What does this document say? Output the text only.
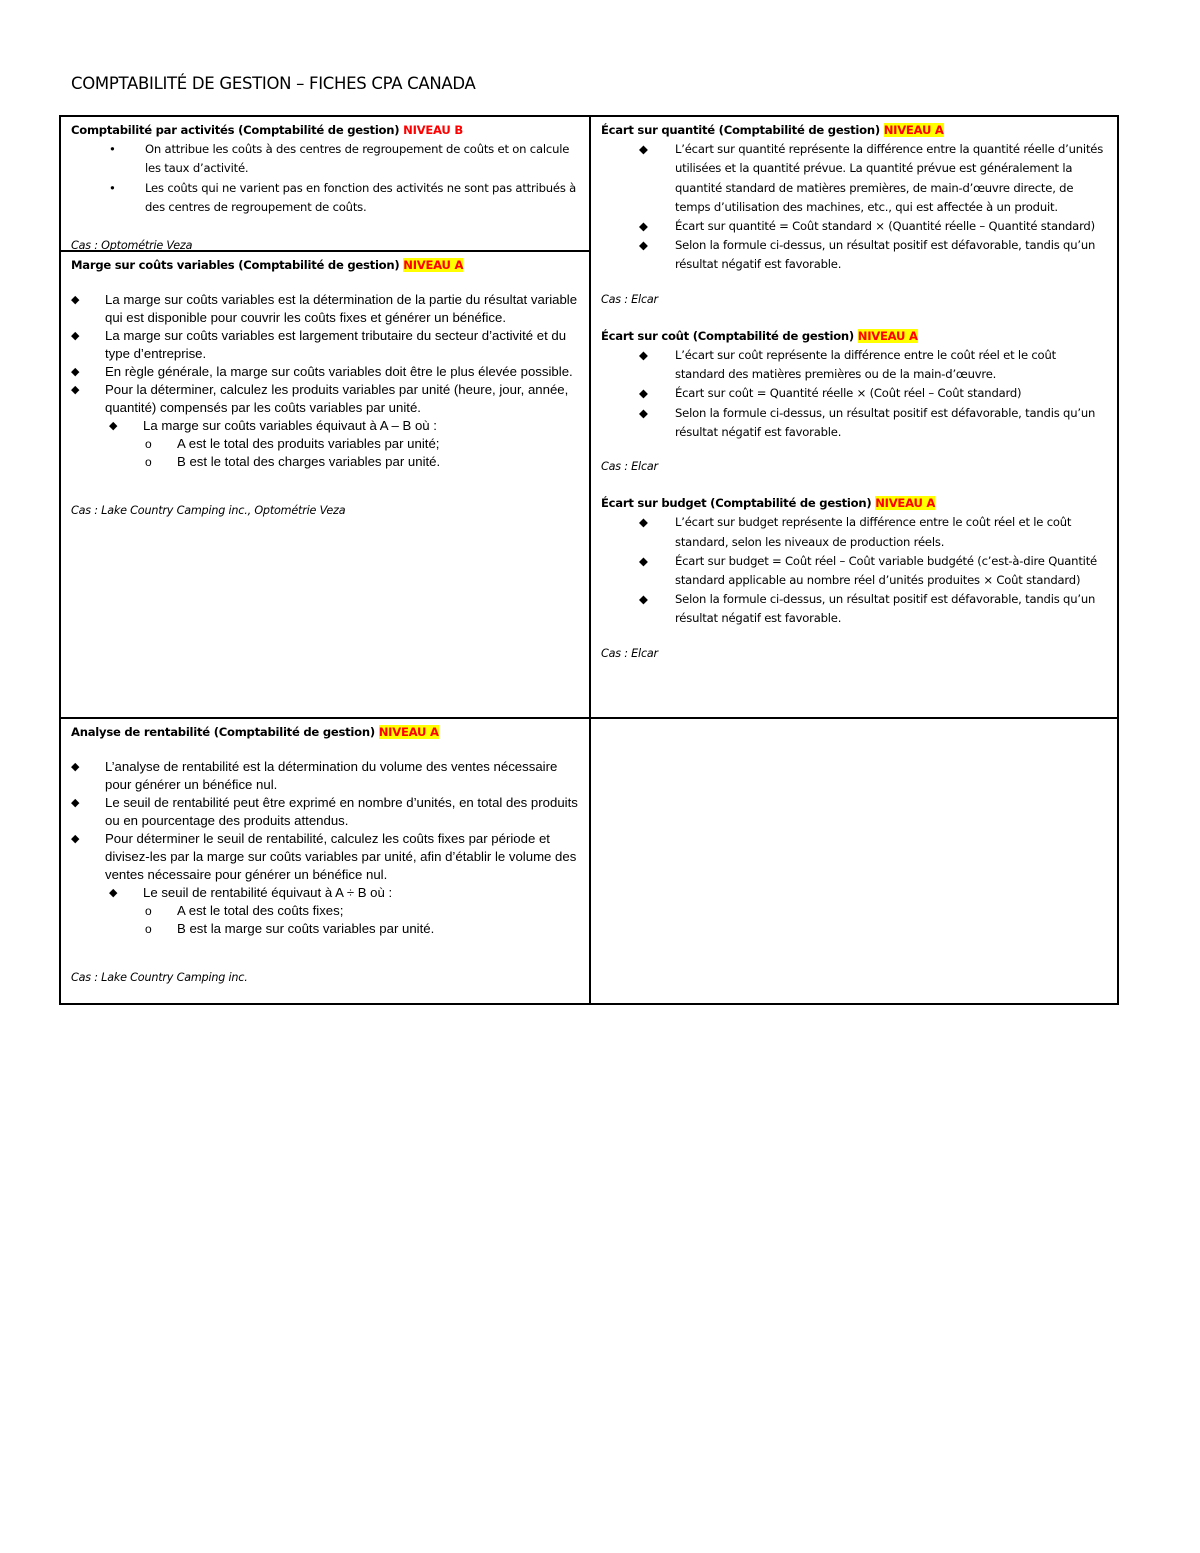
COMPTABILITÉ DE GESTION – FICHES CPA CANADA
Comptabilité par activités (Comptabilité de gestion) NIVEAU B
•	On attribue les coûts à des centres de regroupement de coûts et on calcule les taux d’activité.
•	Les coûts qui ne varient pas en fonction des activités ne sont pas attribués à des centres de regroupement de coûts.
Cas : Optométrie Veza
Marge sur coûts variables (Comptabilité de gestion) NIVEAU A
◆ La marge sur coûts variables est la détermination de la partie du résultat variable qui est disponible pour couvrir les coûts fixes et générer un bénéfice.
◆ La marge sur coûts variables est largement tributaire du secteur d’activité et du type d’entreprise.
◆ En règle générale, la marge sur coûts variables doit être le plus élevée possible.
◆ Pour la déterminer, calculez les produits variables par unité (heure, jour, année, quantité) compensés par les coûts variables par unité.
◆ La marge sur coûts variables équivaut à A – B où :
o A est le total des produits variables par unité;
o B est le total des charges variables par unité.
Cas : Lake Country Camping inc., Optométrie Veza
Écart sur quantité (Comptabilité de gestion) NIVEAU A
◆ L’écart sur quantité représente la différence entre la quantité réelle d’unités utilisées et la quantité prévue. La quantité prévue est généralement la quantité standard de matières premières, de main-d’œuvre directe, de temps d’utilisation des machines, etc., qui est affectée à un produit.
◆ Écart sur quantité = Coût standard × (Quantité réelle – Quantité standard)
◆ Selon la formule ci-dessus, un résultat positif est défavorable, tandis qu’un résultat négatif est favorable.
Cas : Elcar
Écart sur coût (Comptabilité de gestion) NIVEAU A
◆ L’écart sur coût représente la différence entre le coût réel et le coût standard des matières premières ou de la main-d’œuvre.
◆ Écart sur coût = Quantité réelle × (Coût réel – Coût standard)
◆ Selon la formule ci-dessus, un résultat positif est défavorable, tandis qu’un résultat négatif est favorable.
Cas : Elcar
Écart sur budget (Comptabilité de gestion) NIVEAU A
◆ L’écart sur budget représente la différence entre le coût réel et le coût standard, selon les niveaux de production réels.
◆ Écart sur budget = Coût réel – Coût variable budgété (c’est-à-dire Quantité standard applicable au nombre réel d’unités produites × Coût standard)
◆ Selon la formule ci-dessus, un résultat positif est défavorable, tandis qu’un résultat négatif est favorable.
Cas : Elcar
Analyse de rentabilité (Comptabilité de gestion) NIVEAU A
◆ L’analyse de rentabilité est la détermination du volume des ventes nécessaire pour générer un bénéfice nul.
◆ Le seuil de rentabilité peut être exprimé en nombre d’unités, en total des produits ou en pourcentage des produits attendus.
◆ Pour déterminer le seuil de rentabilité, calculez les coûts fixes par période et divisez-les par la marge sur coûts variables par unité, afin d’établir le volume des ventes nécessaire pour générer un bénéfice nul.
◆ Le seuil de rentabilité équivaut à A ÷ B où :
o A est le total des coûts fixes;
o B est la marge sur coûts variables par unité.
Cas : Lake Country Camping inc.
